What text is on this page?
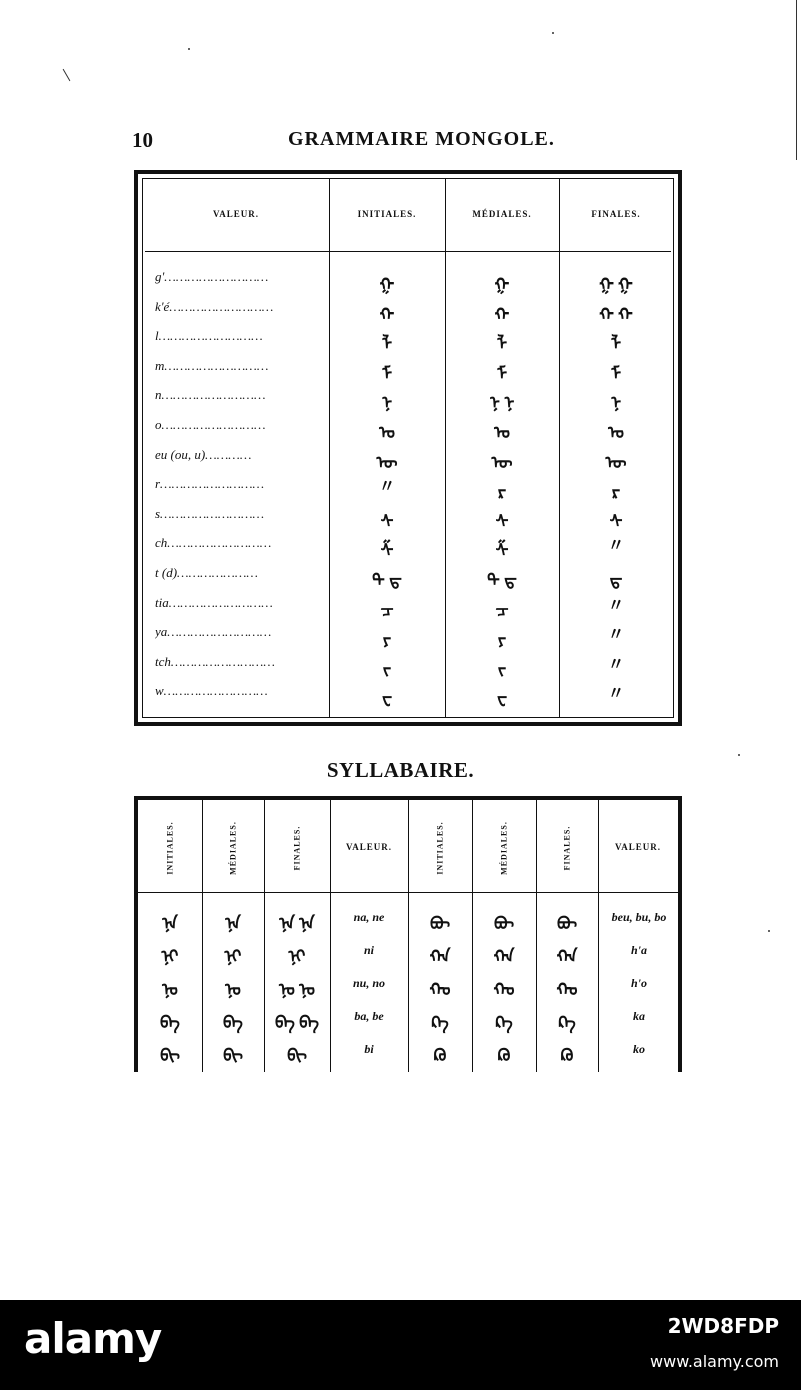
10	GRAMMAIRE MONGOLE.
VALEUR.	INITIALES.	MÉDIALES.	FINALES.
g'………………………	ᠭ	ᠭ	ᠭ ᠭ
k'é………………………	ᠬ	ᠬ	ᠬ ᠬ
l………………………	ᠯ	ᠯ	ᠯ
m………………………	ᠮ	ᠮ	ᠮ
n………………………	ᠨ	ᠨ ᠨ	ᠨ
o………………………	ᠣ	ᠣ	ᠣ
eu (ou, u)…………	ᠥ	ᠥ	ᠥ
r………………………	〃	ᠷ	ᠷ
s………………………	ᠰ	ᠰ	ᠰ
ch………………………	ᠱ	ᠱ	〃
t (d)…………………	ᠲ ᠳ	ᠲ ᠳ	ᠳ
tia………………………	ᠴ	ᠴ	〃
ya………………………	ᠶ	ᠶ	〃
tch………………………	ᠵ	ᠵ	〃
w………………………	ᠸ	ᠸ	〃
SYLLABAIRE.
INITIALES.	MÉDIALES.	FINALES.	VALEUR.	INITIALES.	MÉDIALES.	FINALES.	VALEUR.
ᠨᠠ	ᠨᠠ	ᠨᠠ ᠨᠡ	na, ne	ᠪᠦ	ᠪᠦ	ᠪᠦ	beu, bu, bo
ᠨᠢ	ᠨᠢ	ᠨᠢ	ni	ᠬᠠ	ᠬᠠ	ᠬᠠ	h'a
ᠨᠣ	ᠨᠣ	ᠨᠣ ᠨᠣ	nu, no	ᠬᠣ	ᠬᠣ	ᠬᠣ	h'o
ᠪᠠ	ᠪᠠ	ᠪᠠ ᠪᠡ	ba, be	ᠺᠠ	ᠺᠠ	ᠺᠠ	ka
ᠪᠢ	ᠪᠢ	ᠪᠢ	bi	ᠺᠣ	ᠺᠣ	ᠺᠣ	ko
alamy	2WD8FDP
www.alamy.com
